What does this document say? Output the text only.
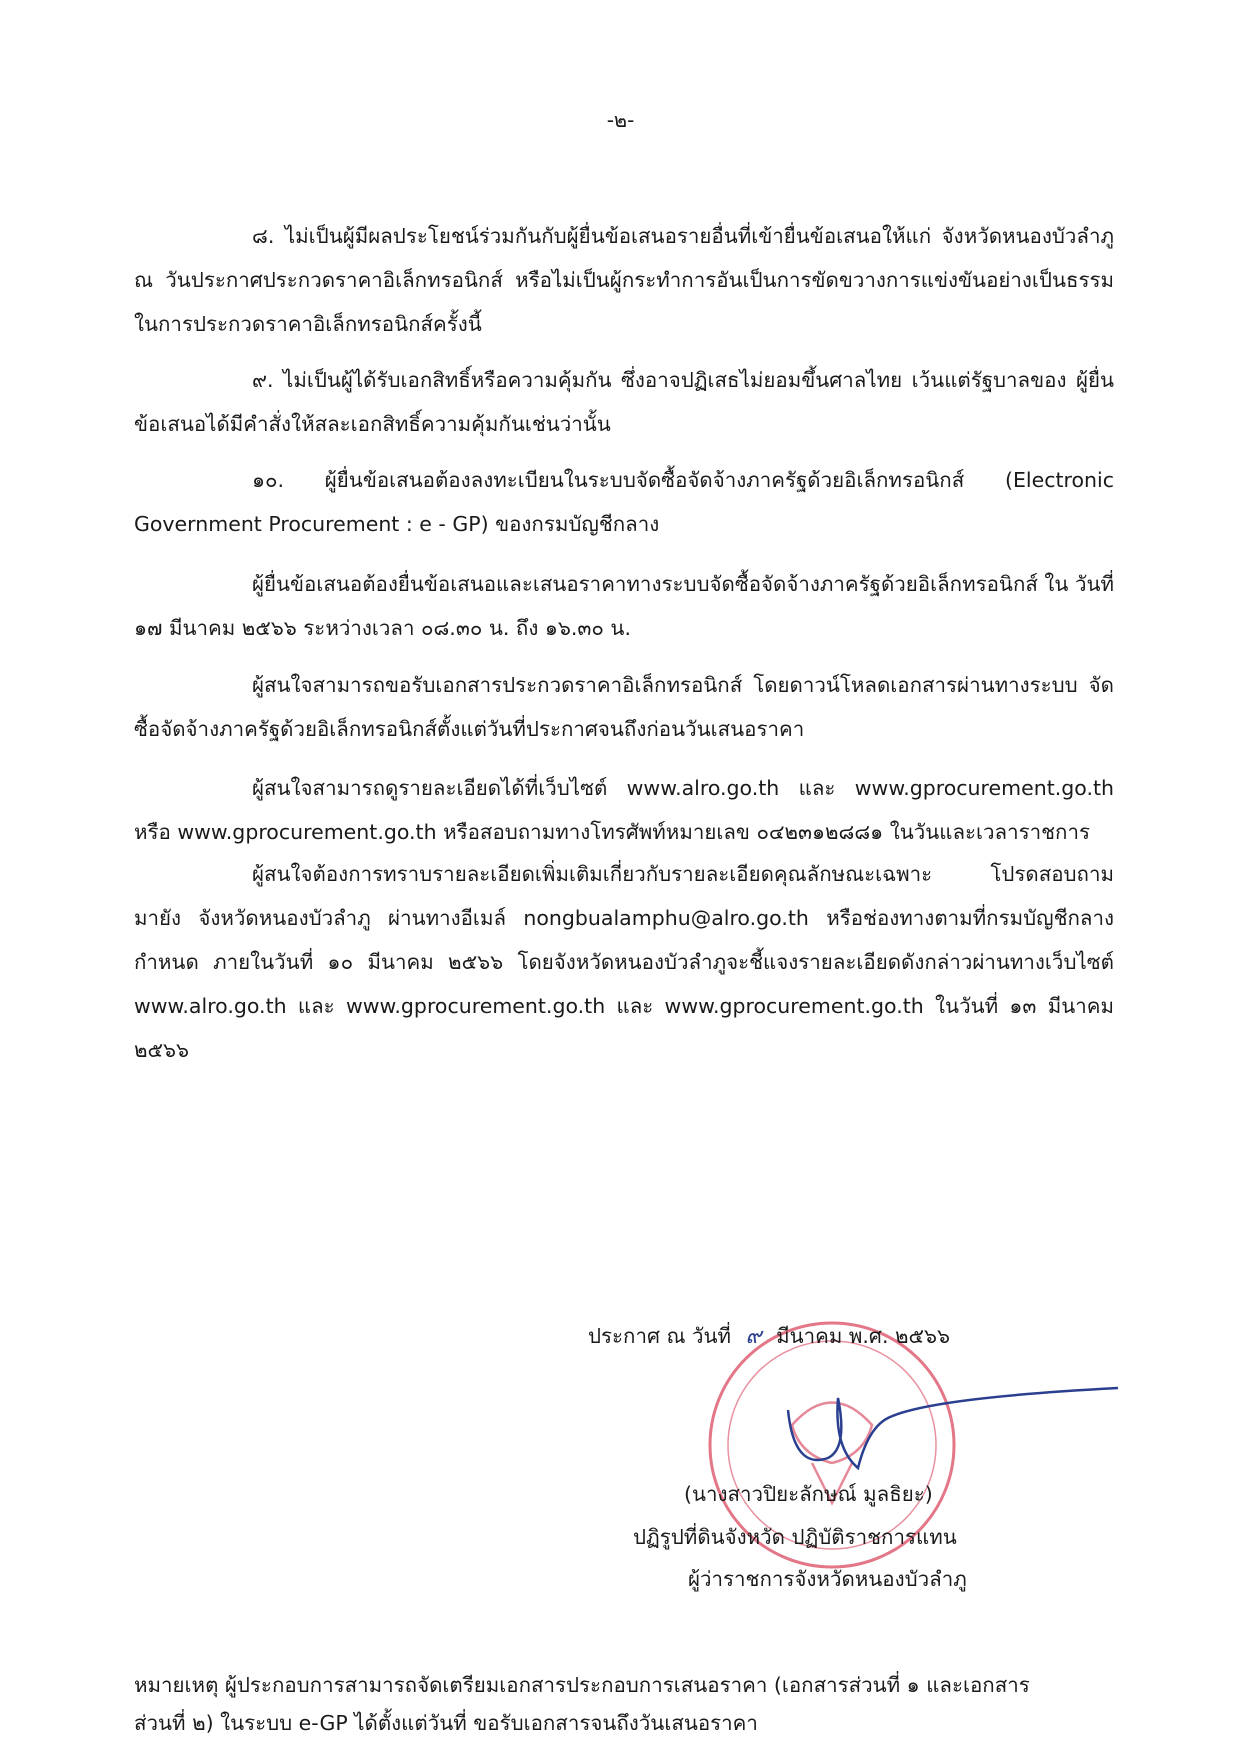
-๒-
๘. ไม่เป็นผู้มีผลประโยชน์ร่วมกันกับผู้ยื่นข้อเสนอรายอื่นที่เข้ายื่นข้อเสนอให้แก่ จังหวัดหนองบัวลำภู ณ วันประกาศประกวดราคาอิเล็กทรอนิกส์ หรือไม่เป็นผู้กระทำการอันเป็นการขัดขวางการแข่งขันอย่างเป็นธรรมในการประกวดราคาอิเล็กทรอนิกส์ครั้งนี้
๙. ไม่เป็นผู้ได้รับเอกสิทธิ์หรือความคุ้มกัน ซึ่งอาจปฏิเสธไม่ยอมขึ้นศาลไทย เว้นแต่รัฐบาลของ ผู้ยื่นข้อเสนอได้มีคำสั่งให้สละเอกสิทธิ์ความคุ้มกันเช่นว่านั้น
๑๐. ผู้ยื่นข้อเสนอต้องลงทะเบียนในระบบจัดซื้อจัดจ้างภาครัฐด้วยอิเล็กทรอนิกส์ (Electronic Government Procurement : e - GP) ของกรมบัญชีกลาง
ผู้ยื่นข้อเสนอต้องยื่นข้อเสนอและเสนอราคาทางระบบจัดซื้อจัดจ้างภาครัฐด้วยอิเล็กทรอนิกส์ ใน วันที่ ๑๗ มีนาคม ๒๕๖๖ ระหว่างเวลา ๐๘.๓๐ น. ถึง ๑๖.๓๐ น.
ผู้สนใจสามารถขอรับเอกสารประกวดราคาอิเล็กทรอนิกส์ โดยดาวน์โหลดเอกสารผ่านทางระบบ จัดซื้อจัดจ้างภาครัฐด้วยอิเล็กทรอนิกส์ตั้งแต่วันที่ประกาศจนถึงก่อนวันเสนอราคา
ผู้สนใจสามารถดูรายละเอียดได้ที่เว็บไซต์ www.alro.go.th และ www.gprocurement.go.th หรือ www.gprocurement.go.th หรือสอบถามทางโทรศัพท์หมายเลข ๐๔๒๓๑๒๘๘๑ ในวันและเวลาราชการ
ผู้สนใจต้องการทราบรายละเอียดเพิ่มเติมเกี่ยวกับรายละเอียดคุณลักษณะเฉพาะ โปรดสอบถาม มายัง จังหวัดหนองบัวลำภู ผ่านทางอีเมล์ nongbualamphu@alro.go.th หรือช่องทางตามที่กรมบัญชีกลางกำหนด ภายในวันที่ ๑๐ มีนาคม ๒๕๖๖ โดยจังหวัดหนองบัวลำภูจะชี้แจงรายละเอียดดังกล่าวผ่านทางเว็บไซต์ www.alro.go.th และ www.gprocurement.go.th และ www.gprocurement.go.th ในวันที่ ๑๓ มีนาคม ๒๕๖๖
ประกาศ ณ วันที่ ๙ มีนาคม พ.ศ. ๒๕๖๖
(นางสาวปิยะลักษณ์ มูลธิยะ)
ปฏิรูปที่ดินจังหวัด ปฏิบัติราชการแทน
ผู้ว่าราชการจังหวัดหนองบัวลำภู
หมายเหตุ ผู้ประกอบการสามารถจัดเตรียมเอกสารประกอบการเสนอราคา (เอกสารส่วนที่ ๑ และเอกสาร
ส่วนที่ ๒) ในระบบ e-GP ได้ตั้งแต่วันที่ ขอรับเอกสารจนถึงวันเสนอราคา
